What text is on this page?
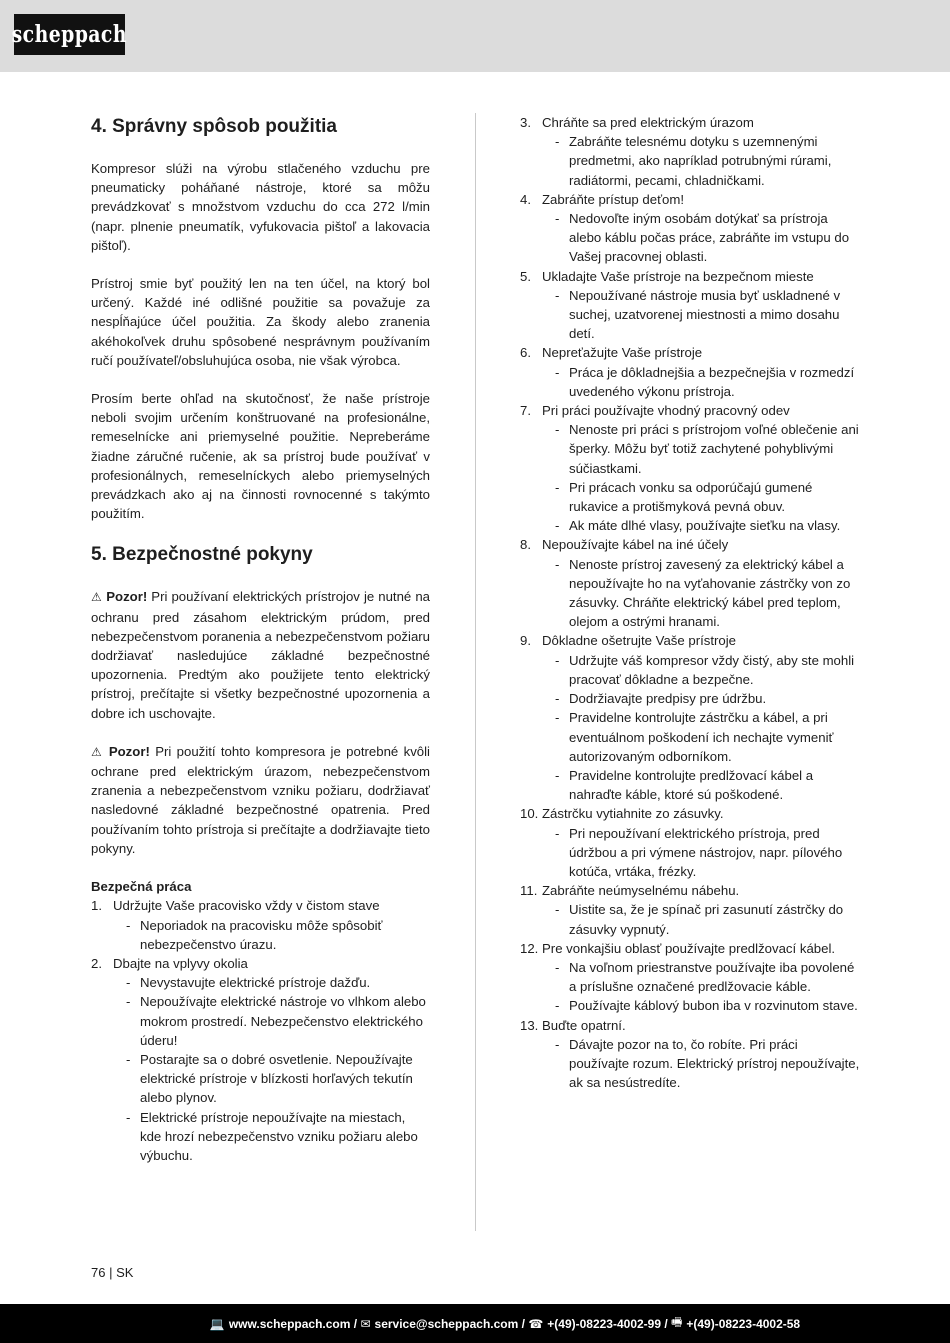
scheppach
4. Správny spôsob použitia

Kompresor slúži na výrobu stlačeného vzduchu pre pneumaticky poháňané nástroje, ktoré sa môžu prevádzkovať s množstvom vzduchu do cca 272 l/min (napr. plnenie pneumatík, vyfukovacia pištoľ a lakovacia pištoľ).

Prístroj smie byť použitý len na ten účel, na ktorý bol určený. Každé iné odlišné použitie sa považuje za nespĺňajúce účel použitia. Za škody alebo zranenia akéhokoľvek druhu spôsobené nesprávnym používaním ručí používateľ/obsluhujúca osoba, nie však výrobca.

Prosím berte ohľad na skutočnosť, že naše prístroje neboli svojim určením konštruované na profesionálne, remeselnícke ani priemyselné použitie. Nepreberáme žiadne záručné ručenie, ak sa prístroj bude používať v profesionálnych, remeselníckych alebo priemyselných prevádzkach ako aj na činnosti rovnocenné s takýmto použitím.

5. Bezpečnostné pokyny

⚠ Pozor! Pri používaní elektrických prístrojov je nutné na ochranu pred zásahom elektrickým prúdom, pred nebezpečenstvom poranenia a nebezpečenstvom požiaru dodržiavať nasledujúce základné bezpečnostné upozornenia. Predtým ako použijete tento elektrický prístroj, prečítajte si všetky bezpečnostné upozornenia a dobre ich uschovajte.

⚠ Pozor! Pri použití tohto kompresora je potrebné kvôli ochrane pred elektrickým úrazom, nebezpečenstvom zranenia a nebezpečenstvom vzniku požiaru, dodržiavať nasledovné základné bezpečnostné opatrenia. Pred používaním tohto prístroja si prečítajte a dodržiavajte tieto pokyny.

Bezpečná práca
1. Udržujte Vaše pracovisko vždy v čistom stave
- Neporiadok na pracovisku môže spôsobiť nebezpečenstvo úrazu.
2. Dbajte na vplyvy okolia
- Nevystavujte elektrické prístroje dažďu.
- Nepoužívajte elektrické nástroje vo vlhkom alebo mokrom prostredí. Nebezpečenstvo elektrického úderu!
- Postarajte sa o dobré osvetlenie. Nepoužívajte elektrické prístroje v blízkosti horľavých tekutín alebo plynov.
- Elektrické prístroje nepoužívajte na miestach, kde hrozí nebezpečenstvo vzniku požiaru alebo výbuchu.
3. Chráňte sa pred elektrickým úrazom
- Zabráňte telesnému dotyku s uzemnenými predmetmi, ako napríklad potrubnými rúrami, radiátormi, pecami, chladničkami.
4. Zabráňte prístup deťom!
- Nedovoľte iným osobám dotýkať sa prístroja alebo káblu počas práce, zabráňte im vstupu do Vašej pracovnej oblasti.
5. Ukladajte Vaše prístroje na bezpečnom mieste
- Nepoužívané nástroje musia byť uskladnené v suchej, uzatvorenej miestnosti a mimo dosahu detí.
6. Nepreťažujte Vaše prístroje
- Práca je dôkladnejšia a bezpečnejšia v rozmedzí uvedeného výkonu prístroja.
7. Pri práci používajte vhodný pracovný odev
- Nenoste pri práci s prístrojom voľné oblečenie ani šperky. Môžu byť totiž zachytené pohyblivými súčiastkami.
- Pri prácach vonku sa odporúčajú gumené rukavice a protišmyková pevná obuv.
- Ak máte dlhé vlasy, používajte sieťku na vlasy.
8. Nepoužívajte kábel na iné účely
- Nenoste prístroj zavesený za elektrický kábel a nepoužívajte ho na vyťahovanie zástrčky von zo zásuvky. Chráňte elektrický kábel pred teplom, olejom a ostrými hranami.
9. Dôkladne ošetrujte Vaše prístroje
- Udržujte váš kompresor vždy čistý, aby ste mohli pracovať dôkladne a bezpečne.
- Dodržiavajte predpisy pre údržbu.
- Pravidelne kontrolujte zástrčku a kábel, a pri eventuálnom poškodení ich nechajte vymeniť autorizovaným odborníkom.
- Pravidelne kontrolujte predlžovací kábel a nahraďte káble, ktoré sú poškodené.
10. Zástrčku vytiahnite zo zásuvky.
- Pri nepoužívaní elektrického prístroja, pred údržbou a pri výmene nástrojov, napr. pílového kotúča, vrtáka, frézky.
11. Zabráňte neúmyselnému nábehu.
- Uistite sa, že je spínač pri zasunutí zástrčky do zásuvky vypnutý.
12. Pre vonkajšiu oblasť používajte predlžovací kábel.
- Na voľnom priestranstve používajte iba povolené a príslušne označené predlžovacie káble.
- Používajte káblový bubon iba v rozvinutom stave.
13. Buďte opatrní.
- Dávajte pozor na to, čo robíte. Pri práci používajte rozum. Elektrický prístroj nepoužívajte, ak sa nesústredíte.
76 | SK
💻 www.scheppach.com / ✉ service@scheppach.com / ☎ +(49)-08223-4002-99 / 🖷 +(49)-08223-4002-58
